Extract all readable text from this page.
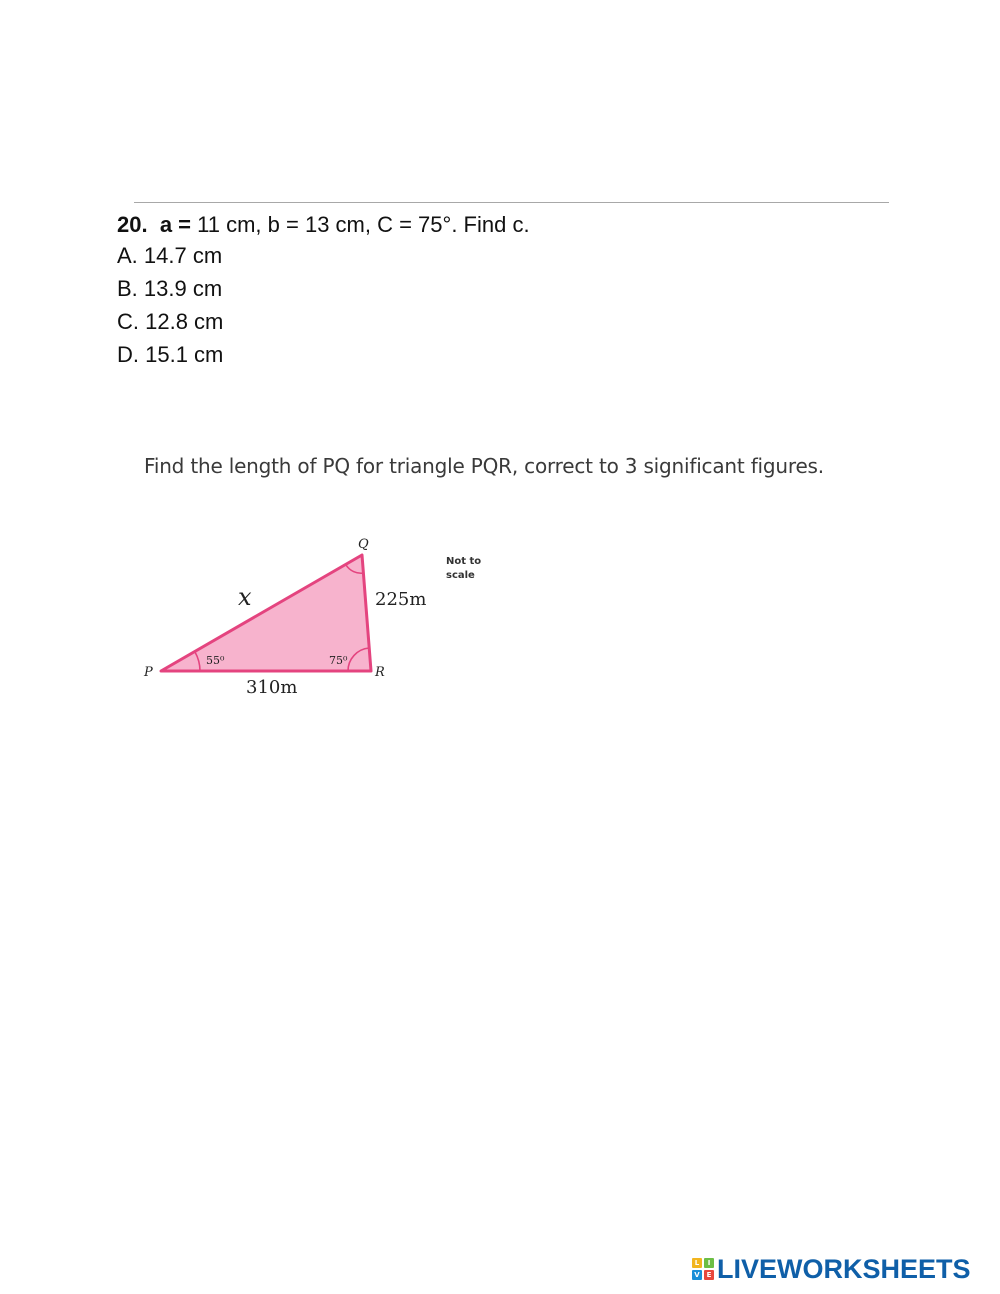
20. a = 11 cm, b = 13 cm, C = 75°. Find c.
A. 14.7 cm
B. 13.9 cm
C. 12.8 cm
D. 15.1 cm
Find the length of PQ for triangle PQR, correct to 3 significant figures.
Q
P	R
x	225m
310m
55⁰	75⁰
Not to scale
L	I
V E LIVEWORKSHEETS
